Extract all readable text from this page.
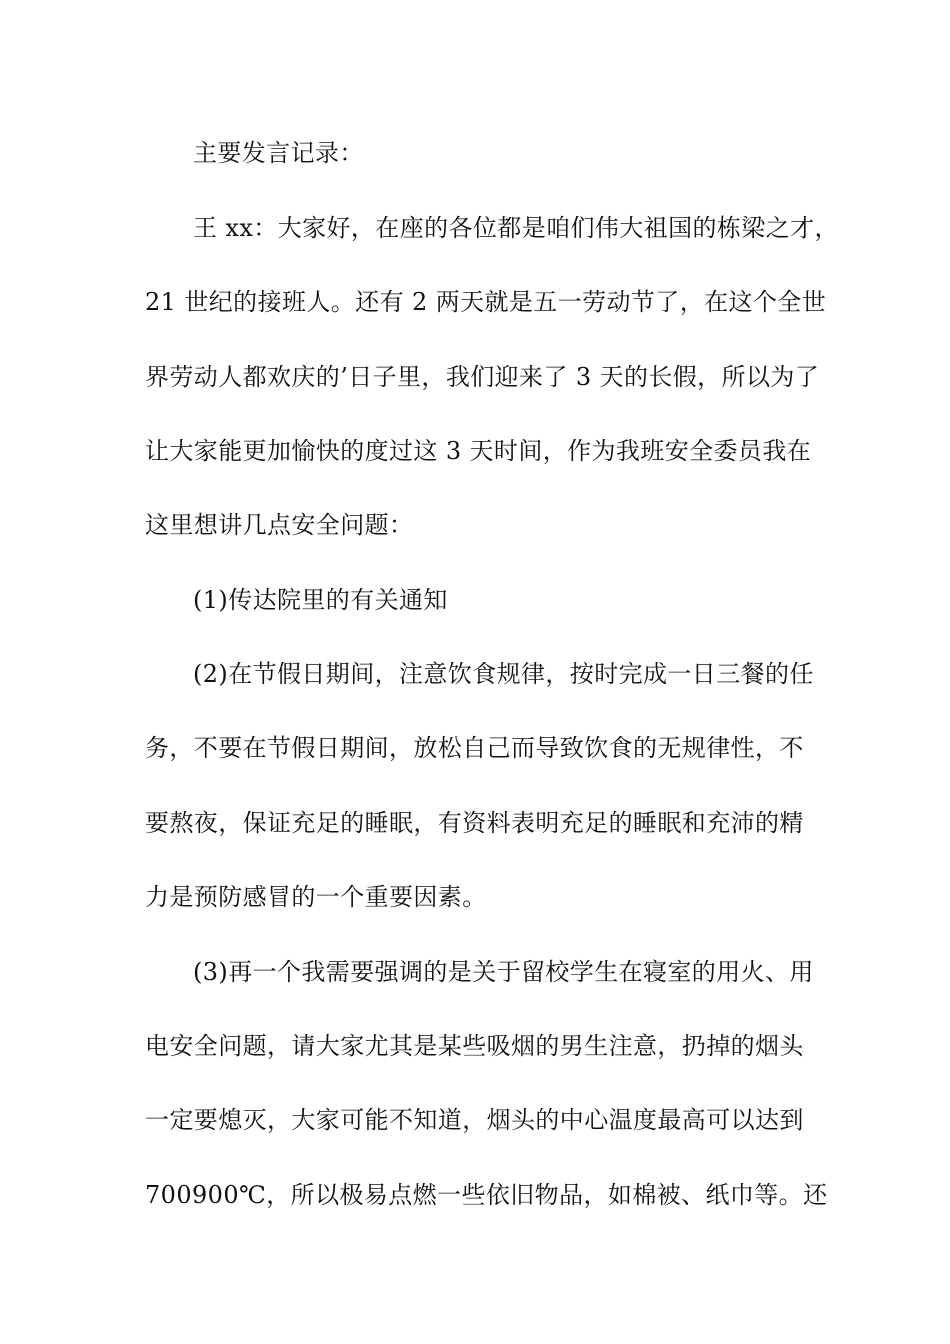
主要发言记录：
王 xx：大家好，在座的各位都是咱们伟大祖国的栋梁之才，
21 世纪的接班人。还有 2 两天就是五一劳动节了，在这个全世
界劳动人都欢庆的’日子里，我们迎来了 3 天的长假，所以为了
让大家能更加愉快的度过这 3 天时间，作为我班安全委员我在
这里想讲几点安全问题：
(1)传达院里的有关通知
(2)在节假日期间，注意饮食规律，按时完成一日三餐的任
务，不要在节假日期间，放松自己而导致饮食的无规律性，不
要熬夜，保证充足的睡眠，有资料表明充足的睡眠和充沛的精
力是预防感冒的一个重要因素。
(3)再一个我需要强调的是关于留校学生在寝室的用火、用
电安全问题，请大家尤其是某些吸烟的男生注意，扔掉的烟头
一定要熄灭，大家可能不知道，烟头的中心温度最高可以达到
700900℃，所以极易点燃一些依旧物品，如棉被、纸巾等。还
